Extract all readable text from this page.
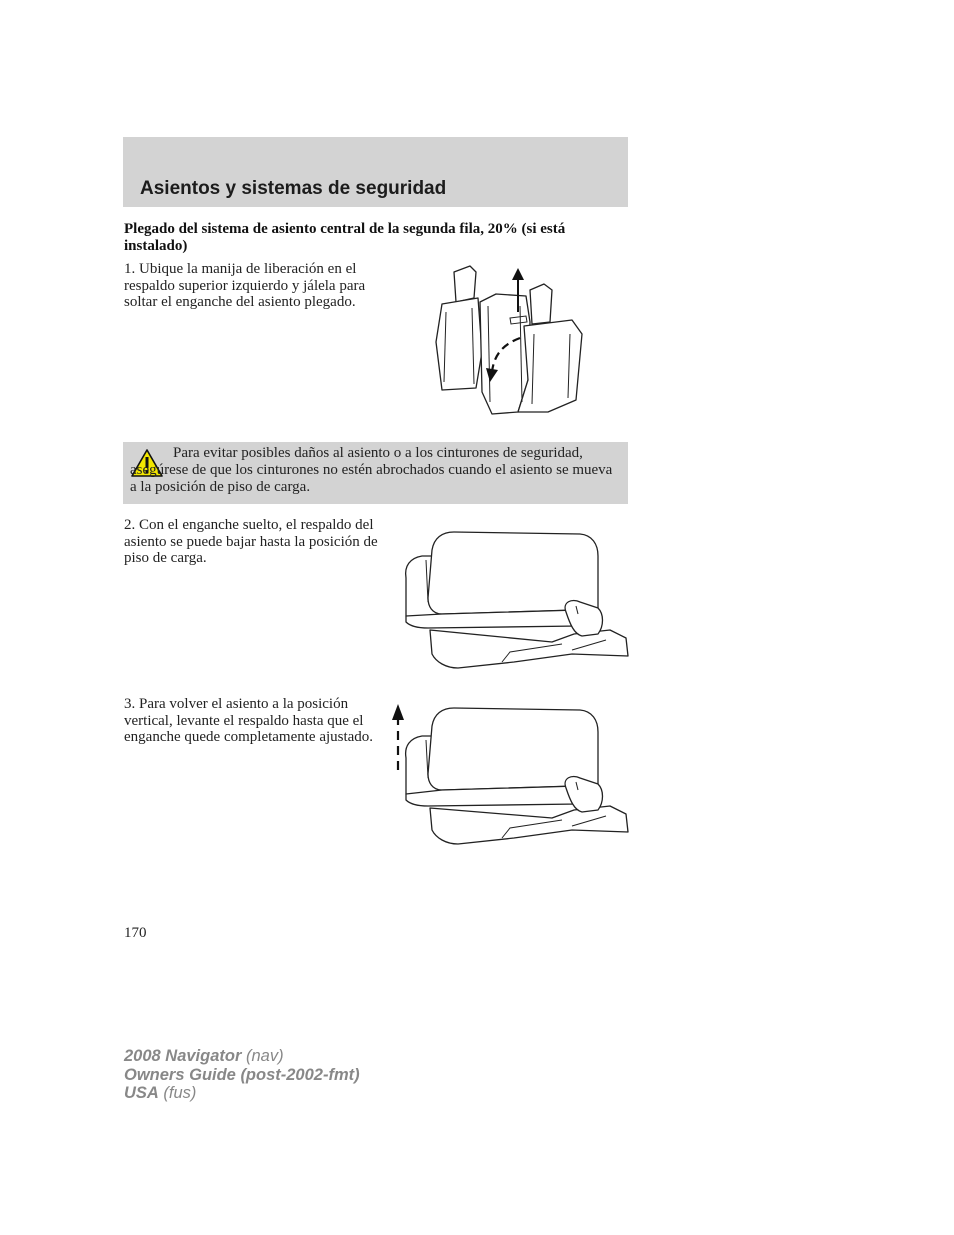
Asientos y sistemas de seguridad

Plegado del sistema de asiento central de la segunda fila, 20% (si está instalado)

1. Ubique la manija de liberación en el respaldo superior izquierdo y jálela para soltar el enganche del asiento plegado.

Para evitar posibles daños al asiento o a los cinturones de seguridad, asegúrese de que los cinturones no estén abrochados cuando el asiento se mueva a la posición de piso de carga.

2. Con el enganche suelto, el respaldo del asiento se puede bajar hasta la posición de piso de carga.

3. Para volver el asiento a la posición vertical, levante el respaldo hasta que el enganche quede completamente ajustado.

170

2008 Navigator (nav)
Owners Guide (post-2002-fmt)
USA (fus)
